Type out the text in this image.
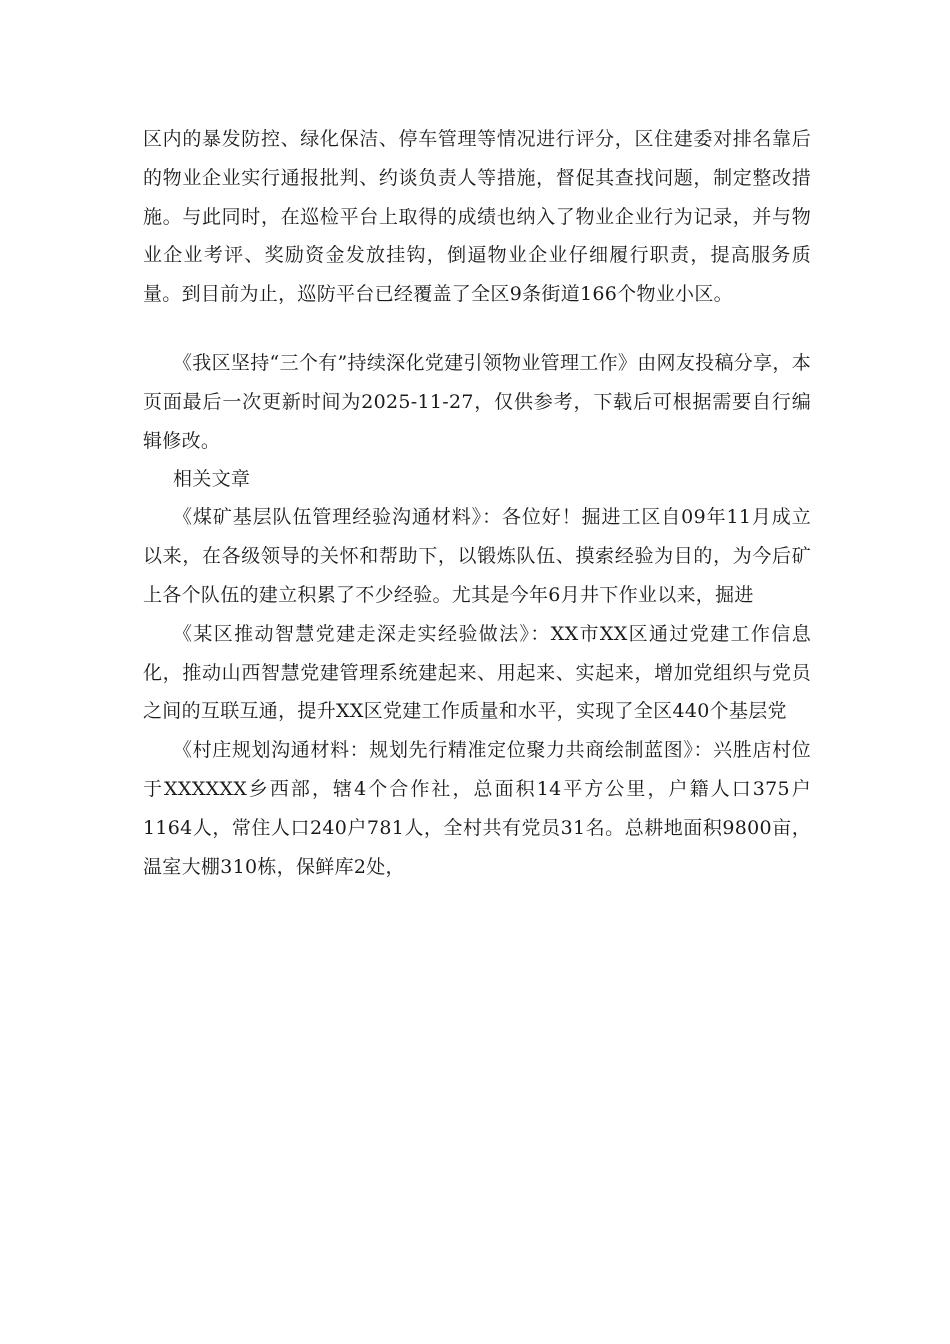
区内的暴发防控、绿化保洁、停车管理等情况进行评分，区住建委对排名靠后的物业企业实行通报批判、约谈负责人等措施，督促其查找问题，制定整改措施。与此同时，在巡检平台上取得的成绩也纳入了物业企业行为记录，并与物业企业考评、奖励资金发放挂钩，倒逼物业企业仔细履行职责，提高服务质量。到目前为止，巡防平台已经覆盖了全区9条街道166个物业小区。

《我区坚持“三个有”持续深化党建引领物业管理工作》由网友投稿分享，本页面最后一次更新时间为2025-11-27，仅供参考，下载后可根据需要自行编辑修改。

相关文章

《煤矿基层队伍管理经验沟通材料》：各位好！掘进工区自09年11月成立以来，在各级领导的关怀和帮助下，以锻炼队伍、摸索经验为目的，为今后矿上各个队伍的建立积累了不少经验。尤其是今年6月井下作业以来，掘进

《某区推动智慧党建走深走实经验做法》：XX市XX区通过党建工作信息化，推动山西智慧党建管理系统建起来、用起来、实起来，增加党组织与党员之间的互联互通，提升XX区党建工作质量和水平，实现了全区440个基层党

《村庄规划沟通材料：规划先行精准定位聚力共商绘制蓝图》：兴胜店村位于XXXXXX乡西部，辖4个合作社，总面积14平方公里，户籍人口375户1164人，常住人口240户781人，全村共有党员31名。总耕地面积9800亩，温室大棚310栋，保鲜库2处，
